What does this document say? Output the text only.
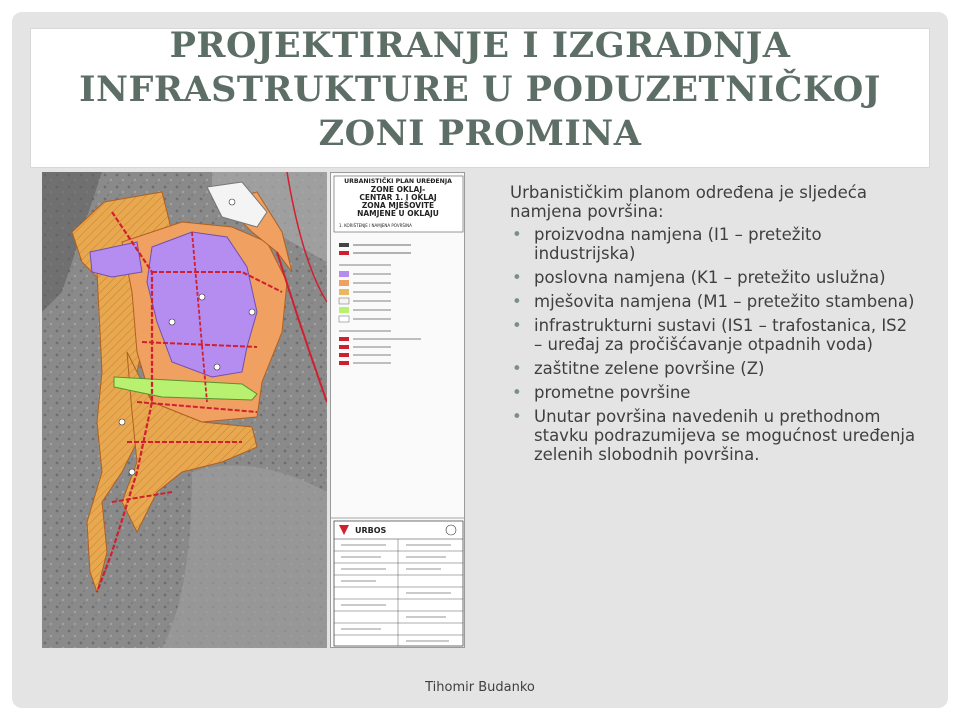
PROJEKTIRANJE I IZGRADNJA
INFRASTRUKTURE U PODUZETNIČKOJ
ZONI PROMINA
URBANISTIČKI PLAN UREĐENJA
ZONE OKLAJ-
CENTAR 1. I OKLAJ
ZONA MJEŠOVITE
NAMJENE U OKLAJU
1. KORIŠTENJE I NAMJENA POVRŠINA
URBOS

Urbanističkim planom određena je sljedeća namjena površina:

• proizvodna namjena (I1 – pretežito industrijska)
• poslovna namjena (K1 – pretežito uslužna)
• mješovita namjena (M1 – pretežito stambena)
• infrastrukturni sustavi (IS1 – trafostanica, IS2 – uređaj za pročišćavanje otpadnih voda)
• zaštitne zelene površine (Z)
• prometne površine
• Unutar površina navedenih u prethodnom stavku podrazumijeva se mogućnost uređenja zelenih slobodnih površina.
Tihomir Budanko
